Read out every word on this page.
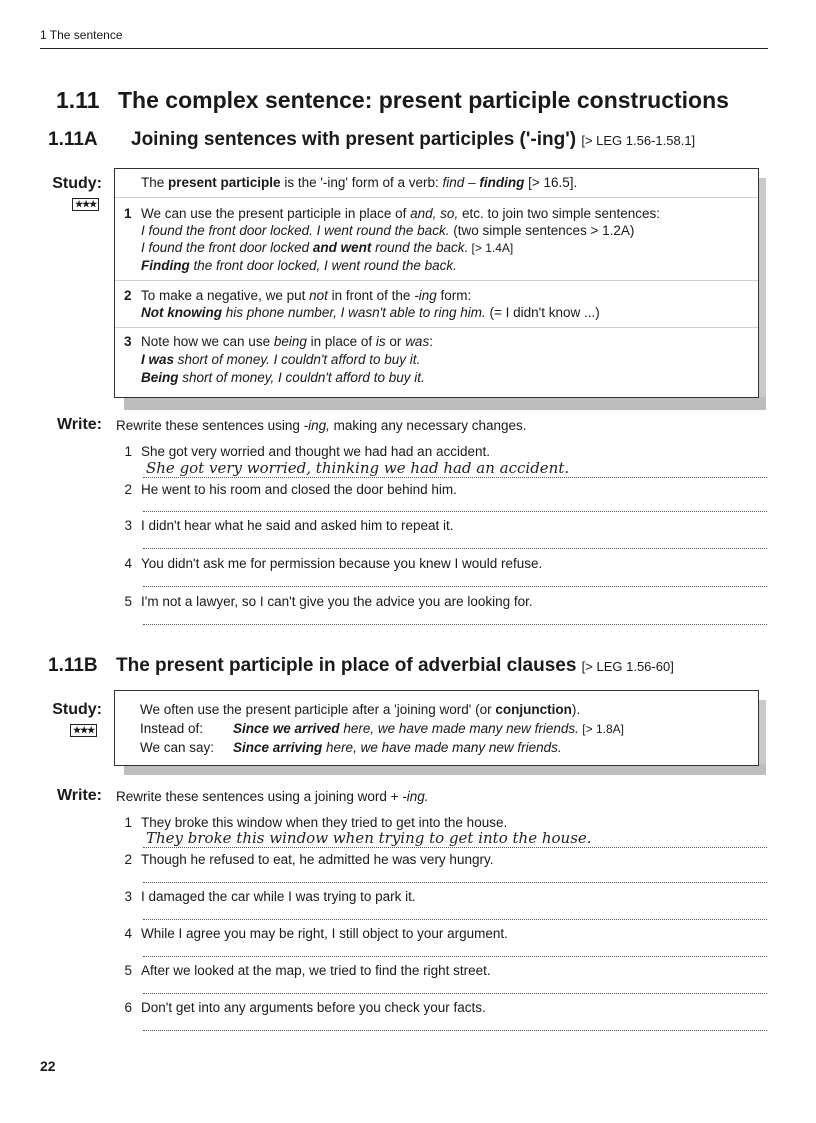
1 The sentence
1.11 The complex sentence: present participle constructions
1.11A Joining sentences with present participles ('-ing') [> LEG 1.56-1.58.1]
Study:
★★★
The present participle is the '-ing' form of a verb: find – finding [> 16.5].
1 We can use the present participle in place of and, so, etc. to join two simple sentences:
I found the front door locked. I went round the back. (two simple sentences > 1.2A)
I found the front door locked and went round the back. [> 1.4A]
Finding the front door locked, I went round the back.
2 To make a negative, we put not in front of the -ing form:
Not knowing his phone number, I wasn't able to ring him. (= I didn't know ...)
3 Note how we can use being in place of is or was:
I was short of money. I couldn't afford to buy it.
Being short of money, I couldn't afford to buy it.
Write: Rewrite these sentences using -ing, making any necessary changes.
1 She got very worried and thought we had had an accident.
She got very worried, thinking we had had an accident.
2 He went to his room and closed the door behind him.
3 I didn't hear what he said and asked him to repeat it.
4 You didn't ask me for permission because you knew I would refuse.
5 I'm not a lawyer, so I can't give you the advice you are looking for.
1.11B The present participle in place of adverbial clauses [> LEG 1.56-60]
Study:
★★★
We often use the present participle after a 'joining word' (or conjunction).
Instead of: Since we arrived here, we have made many new friends. [> 1.8A]
We can say: Since arriving here, we have made many new friends.
Write: Rewrite these sentences using a joining word + -ing.
1 They broke this window when they tried to get into the house.
They broke this window when trying to get into the house.
2 Though he refused to eat, he admitted he was very hungry.
3 I damaged the car while I was trying to park it.
4 While I agree you may be right, I still object to your argument.
5 After we looked at the map, we tried to find the right street.
6 Don't get into any arguments before you check your facts.
22
